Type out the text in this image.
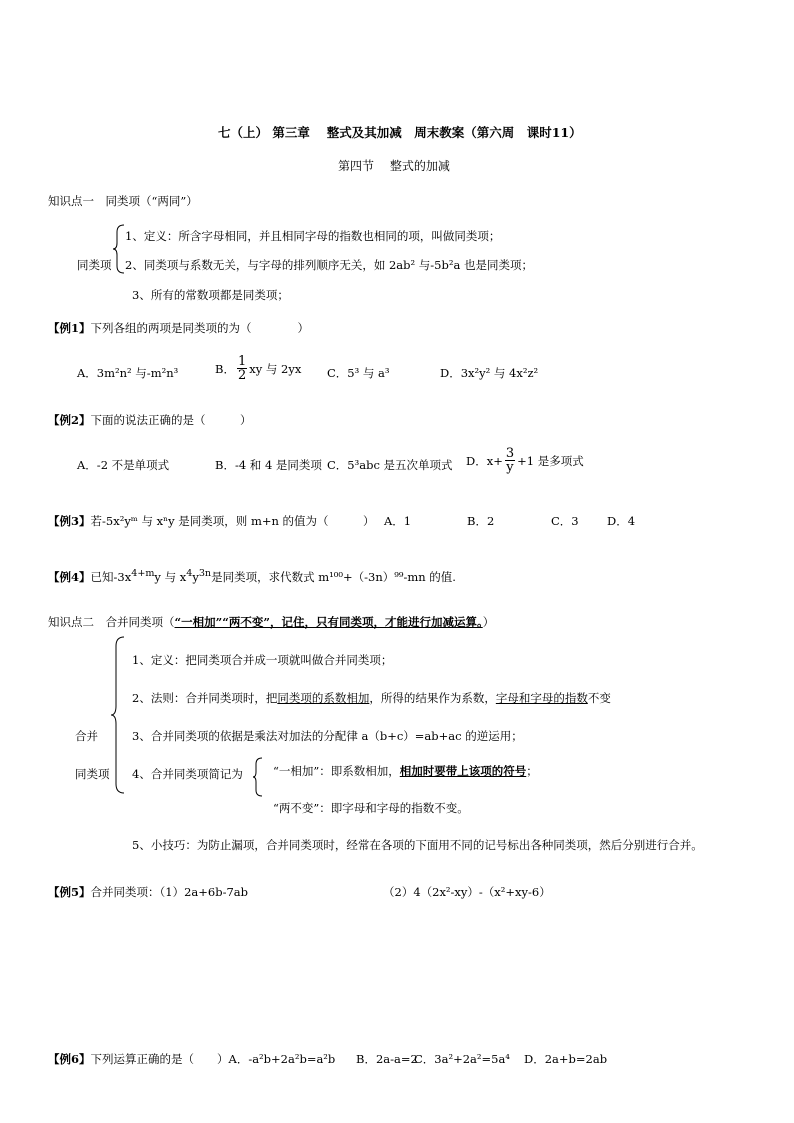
七（上） 第三章　 整式及其加减　周末教案（第六周　课时11）
第四节　 整式的加减
知识点一　同类项（“两同”）
同类项
1、定义：所含字母相同，并且相同字母的指数也相同的项，叫做同类项；
2、同类项与系数无关，与字母的排列顺序无关，如 2ab² 与-5b²a 也是同类项；
3、所有的常数项都是同类项；
【例1】下列各组的两项是同类项的为（　　　　）
A．3m²n² 与-m²n³	B． $\frac{1}{2}$ xy 与 2yx C．5³ 与 a³	D．3x²y² 与 4x²z²
【例2】下面的说法正确的是（　　　）
A．-2 不是单项式	B．-4 和 4 是同类项 C．5³abc 是五次单项式 D．$x+ \frac{3}{y} +1$ 是多项式
【例3】若-5x²yᵐ 与 xⁿy 是同类项，则 m+n 的值为（　　　） A．1	B．2	C．3 D．4
【例4】已知$-3x^{4+m}y$ 与 $x^4y^{3n}$是同类项，求代数式 m¹⁰⁰+（-3n）⁹⁹-mn 的值.
知识点二　合并同类项（“一相加”“两不变”，记住，只有同类项，才能进行加减运算。）
合并
同类项
1、定义：把同类项合并成一项就叫做合并同类项；
2、法则：合并同类项时，把同类项的系数相加，所得的结果作为系数，字母和字母的指数不变
3、合并同类项的依据是乘法对加法的分配律 a（b+c）=ab+ac 的逆运用；
4、合并同类项简记为	“一相加”：即系数相加，相加时要带上该项的符号；
“两不变”：即字母和字母的指数不变。
5、小技巧：为防止漏项，合并同类项时，经常在各项的下面用不同的记号标出各种同类项，然后分别进行合并。
【例5】合并同类项：（1）2a+6b-7ab	（2）4（2x²-xy）-（x²+xy-6）
【例6】下列运算正确的是（　　）A．-a²b+2a²b=a²b B．2a-a=2
C．3a²+2a²=5a⁴ D．2a+b=2ab
